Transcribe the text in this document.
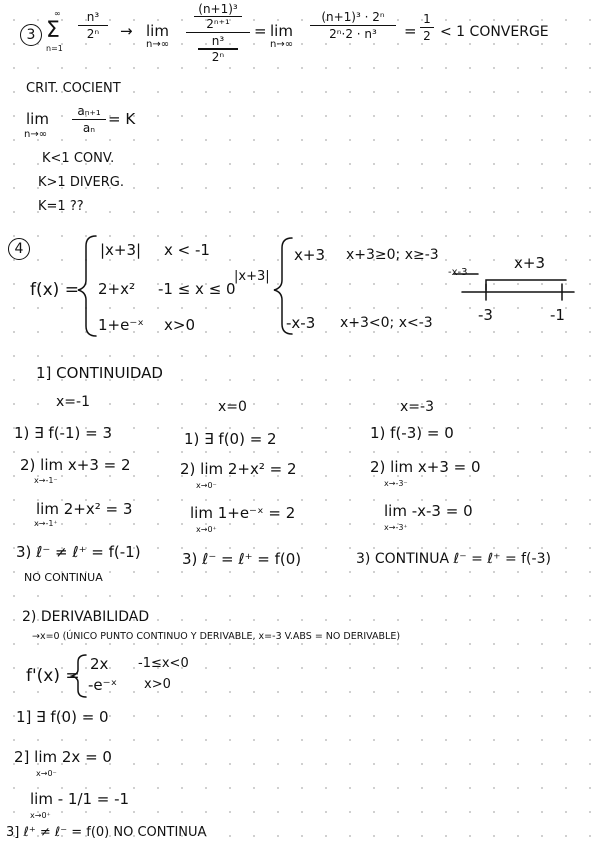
3
∞
Σ
n=1
n³
2ⁿ	→ lim
n→∞
(n+1)³
2ⁿ⁺¹
n³
2ⁿ
= lim
n→∞
(n+1)³ · 2ⁿ
2ⁿ·2 · n³	=
1
2 < 1 CONVERGE
CRIT. COCIENT
lim
n→∞
aₙ₊₁
aₙ
= K
K<1 CONV.
K>1 DIVERG.
K=1 ??
4
f(x) =
|x+3| x < -1
2+x² -1 ≤ x ≤ 0
1+e⁻ˣ x>0
|x+3|
x+3 x+3≥0; x≥-3
-x-3 x+3<0; x<-3
-x-3
x+3
-3	-1
1] CONTINUIDAD
x=-1	x=0	x=-3
1) ∃ f(-1) = 3
2) lim x+3 = 2
x→-1⁻
lim 2+x² = 3
x→-1⁺
3) ℓ⁻ ≠ ℓ⁺ = f(-1)
NO CONTINUA
1) ∃ f(0) = 2
2) lim 2+x² = 2
x→0⁻
lim 1+e⁻ˣ = 2
x→0⁺
3) ℓ⁻ = ℓ⁺ = f(0)
1) f(-3) = 0
2) lim x+3 = 0
x→-3⁻
lim -x-3 = 0
x→-3⁺
3) CONTINUA ℓ⁻ = ℓ⁺ = f(-3)
2) DERIVABILIDAD
→x=0 (ÚNICO PUNTO CONTINUO Y DERIVABLE, x=-3 V.ABS = NO DERIVABLE)
f'(x) =
2x -1≤x<0
-e⁻ˣ x>0
1] ∃ f(0) = 0
2] lim 2x = 0
x→0⁻
lim - 1/1 = -1
x→0⁺
3] ℓ⁺ ≠ ℓ⁻ = f(0) NO CONTINUA
